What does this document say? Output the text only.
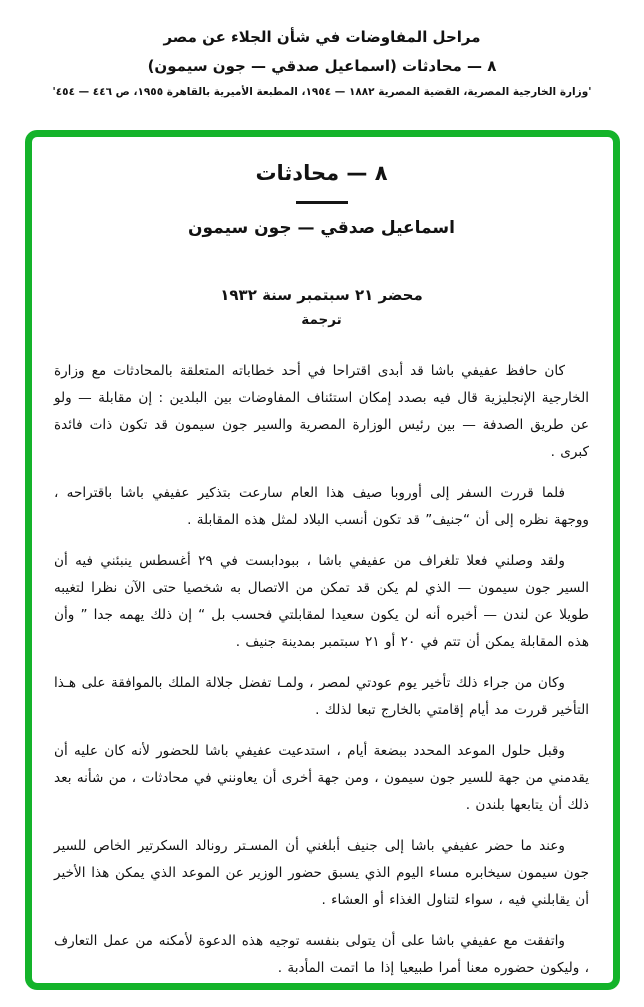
مراحل المفاوضات في شأن الجلاء عن مصر
٨ — محادثات (اسماعيل صدقي — جون سيمون)
'وزارة الخارجية المصرية، القضية المصرية ١٨٨٢ — ١٩٥٤، المطبعة الأميرية بالقاهرة ١٩٥٥، ص ٤٤٦ — ٤٥٤'
٨ — محادثات
اسماعيل صدقي — جون سيمون
محضر ٢١ سبتمبر سنة ١٩٣٢
ترجمة

كان حافظ عفيفي باشا قد أبدى اقتراحا في أحد خطاباته المتعلقة بالمحادثات مع وزارة الخارجية الإنجليزية قال فيه بصدد إمكان استئناف المفاوضات بين البلدين : إن مقابلة — ولو عن طريق الصدفة — بين رئيس الوزارة المصرية والسير جون سيمون قد تكون ذات فائدة كبرى .

فلما قررت السفر إلى أوروبا صيف هذا العام سارعت بتذكير عفيفي باشا باقتراحه ، ووجهة نظره إلى أن “جنيف” قد تكون أنسب البلاد لمثل هذه المقابلة .

ولقد وصلني فعلا تلغراف من عفيفي باشا ، ببودابست في ٢٩ أغسطس ينبئني فيه أن السير جون سيمون — الذي لم يكن قد تمكن من الاتصال به شخصيا حتى الآن نظرا لتغيبه طويلا عن لندن — أخبره أنه لن يكون سعيدا لمقابلتي فحسب بل “ إن ذلك يهمه جدا ” وأن هذه المقابلة يمكن أن تتم في ٢٠ أو ٢١ سبتمبر بمدينة جنيف .

وكان من جراء ذلك تأخير يوم عودتي لمصر ، ولمـا تفضل جلالة الملك بالموافقة على هـذا التأخير قررت مد أيام إقامتي بالخارج تبعا لذلك .

وقبل حلول الموعد المحدد ببضعة أيام ، استدعيت عفيفي باشا للحضور لأنه كان عليه أن يقدمني من جهة للسير جون سيمون ، ومن جهة أخرى أن يعاونني في محادثات ، من شأنه بعد ذلك أن يتابعها بلندن .

وعند ما حضر عفيفي باشا إلى جنيف أبلغني أن المسـتر رونالد السكرتير الخاص للسير جون سيمون سيخابره مساء اليوم الذي يسبق حضور الوزير عن الموعد الذي يمكن هذا الأخير أن يقابلني فيه ، سواء لتناول الغذاء أو العشاء .

واتفقت مع عفيفي باشا على أن يتولى بنفسه توجيه هذه الدعوة لأمكنه من عمل التعارف ، وليكون حضوره معنا أمرا طبيعيا إذا ما اتمت المأدبة .
